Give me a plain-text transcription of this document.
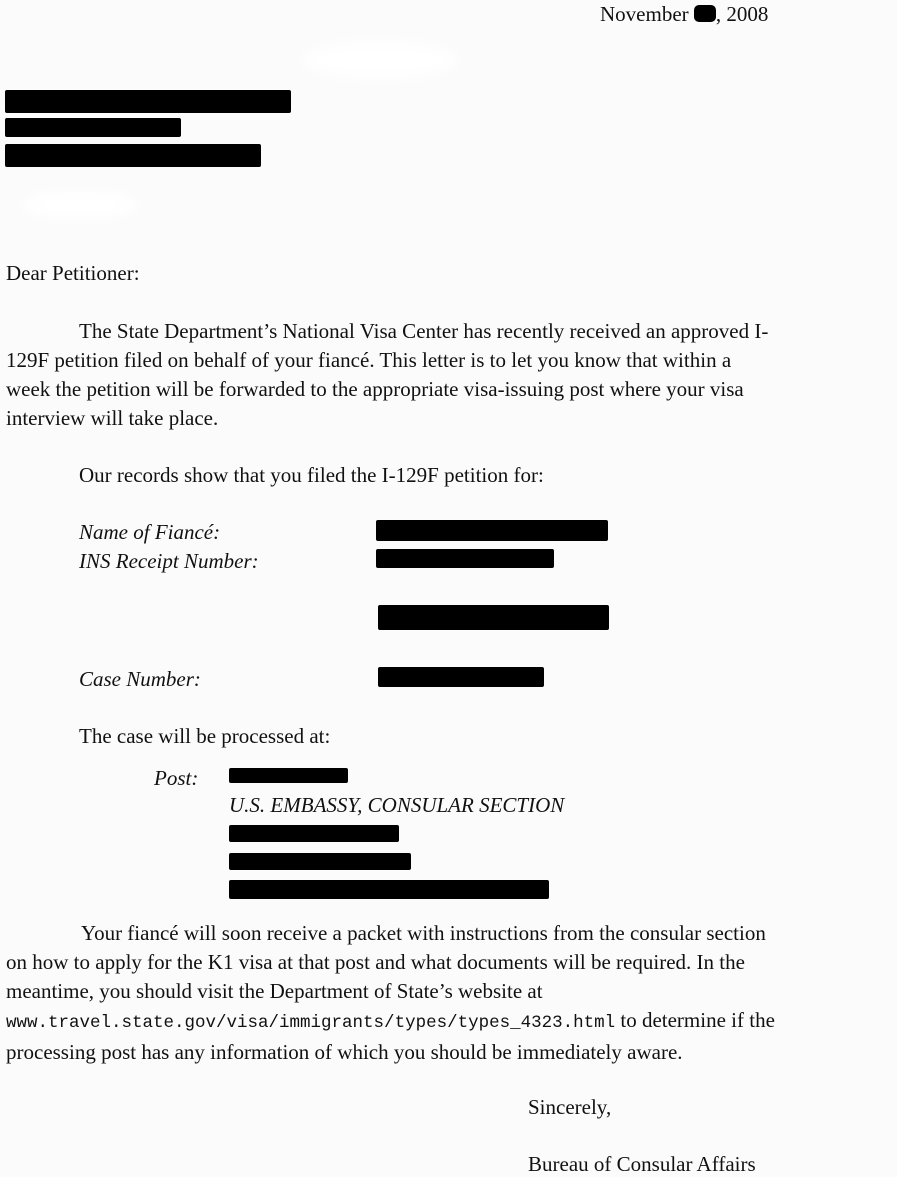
November , 2008
Dear Petitioner:
The State Department’s National Visa Center has recently received an approved I-
129F petition filed on behalf of your fiancé. This letter is to let you know that within a
week the petition will be forwarded to the appropriate visa-issuing post where your visa
interview will take place.
Our records show that you filed the I-129F petition for:
Name of Fiancé:
INS Receipt Number:
Case Number:
The case will be processed at:
Post:
U.S. EMBASSY, CONSULAR SECTION
Your fiancé will soon receive a packet with instructions from the consular section
on how to apply for the K1 visa at that post and what documents will be required. In the
meantime, you should visit the Department of State’s website at
www.travel.state.gov/visa/immigrants/types/types_4323.html to determine if the
processing post has any information of which you should be immediately aware.
Sincerely,
Bureau of Consular Affairs
